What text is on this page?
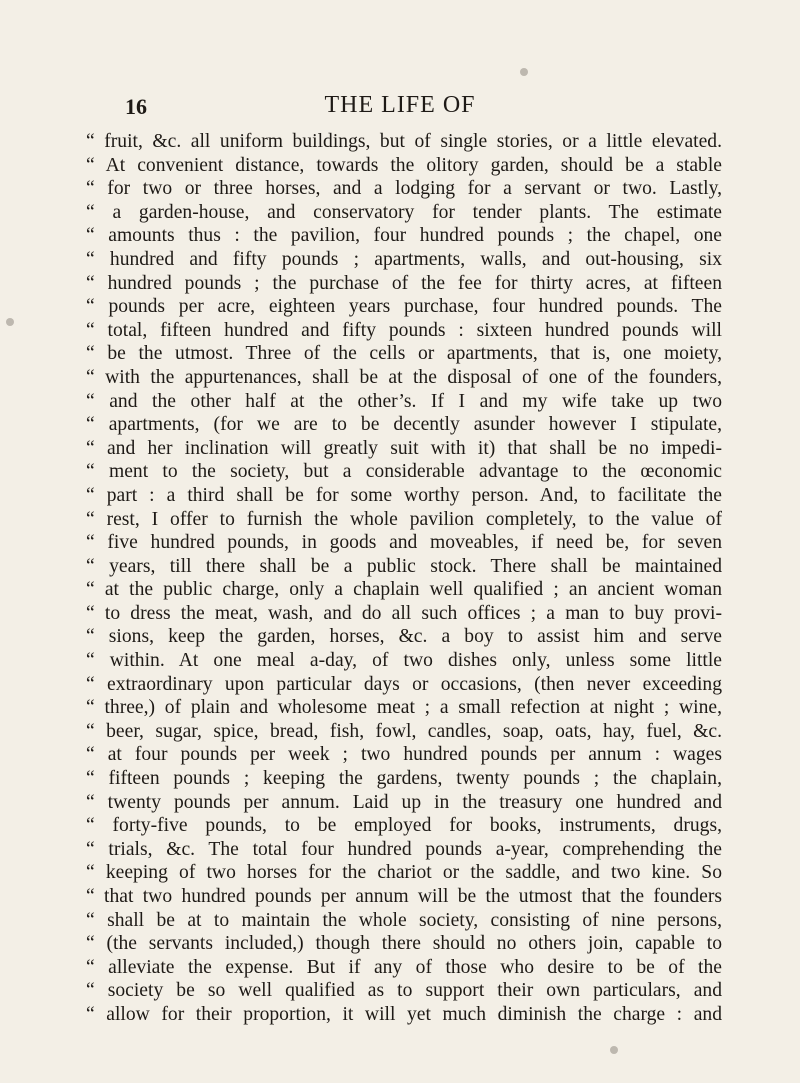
16	THE LIFE OF
“ fruit, &c. all uniform buildings, but of single stories, or a little elevated.
“ At convenient distance, towards the olitory garden, should be a stable
“ for two or three horses, and a lodging for a servant or two. Lastly,
“ a garden-house, and conservatory for tender plants. The estimate
“ amounts thus : the pavilion, four hundred pounds ; the chapel, one
“ hundred and fifty pounds ; apartments, walls, and out-housing, six
“ hundred pounds ; the purchase of the fee for thirty acres, at fifteen
“ pounds per acre, eighteen years purchase, four hundred pounds. The
“ total, fifteen hundred and fifty pounds : sixteen hundred pounds will
“ be the utmost. Three of the cells or apartments, that is, one moiety,
“ with the appurtenances, shall be at the disposal of one of the founders,
“ and the other half at the other’s. If I and my wife take up two
“ apartments, (for we are to be decently asunder however I stipulate,
“ and her inclination will greatly suit with it) that shall be no impedi-
“ ment to the society, but a considerable advantage to the œconomic
“ part : a third shall be for some worthy person. And, to facilitate the
“ rest, I offer to furnish the whole pavilion completely, to the value of
“ five hundred pounds, in goods and moveables, if need be, for seven
“ years, till there shall be a public stock. There shall be maintained
“ at the public charge, only a chaplain well qualified ; an ancient woman
“ to dress the meat, wash, and do all such offices ; a man to buy provi-
“ sions, keep the garden, horses, &c. a boy to assist him and serve
“ within. At one meal a-day, of two dishes only, unless some little
“ extraordinary upon particular days or occasions, (then never exceeding
“ three,) of plain and wholesome meat ; a small refection at night ; wine,
“ beer, sugar, spice, bread, fish, fowl, candles, soap, oats, hay, fuel, &c.
“ at four pounds per week ; two hundred pounds per annum : wages
“ fifteen pounds ; keeping the gardens, twenty pounds ; the chaplain,
“ twenty pounds per annum. Laid up in the treasury one hundred and
“ forty-five pounds, to be employed for books, instruments, drugs,
“ trials, &c. The total four hundred pounds a-year, comprehending the
“ keeping of two horses for the chariot or the saddle, and two kine. So
“ that two hundred pounds per annum will be the utmost that the founders
“ shall be at to maintain the whole society, consisting of nine persons,
“ (the servants included,) though there should no others join, capable to
“ alleviate the expense. But if any of those who desire to be of the
“ society be so well qualified as to support their own particulars, and
“ allow for their proportion, it will yet much diminish the charge : and
